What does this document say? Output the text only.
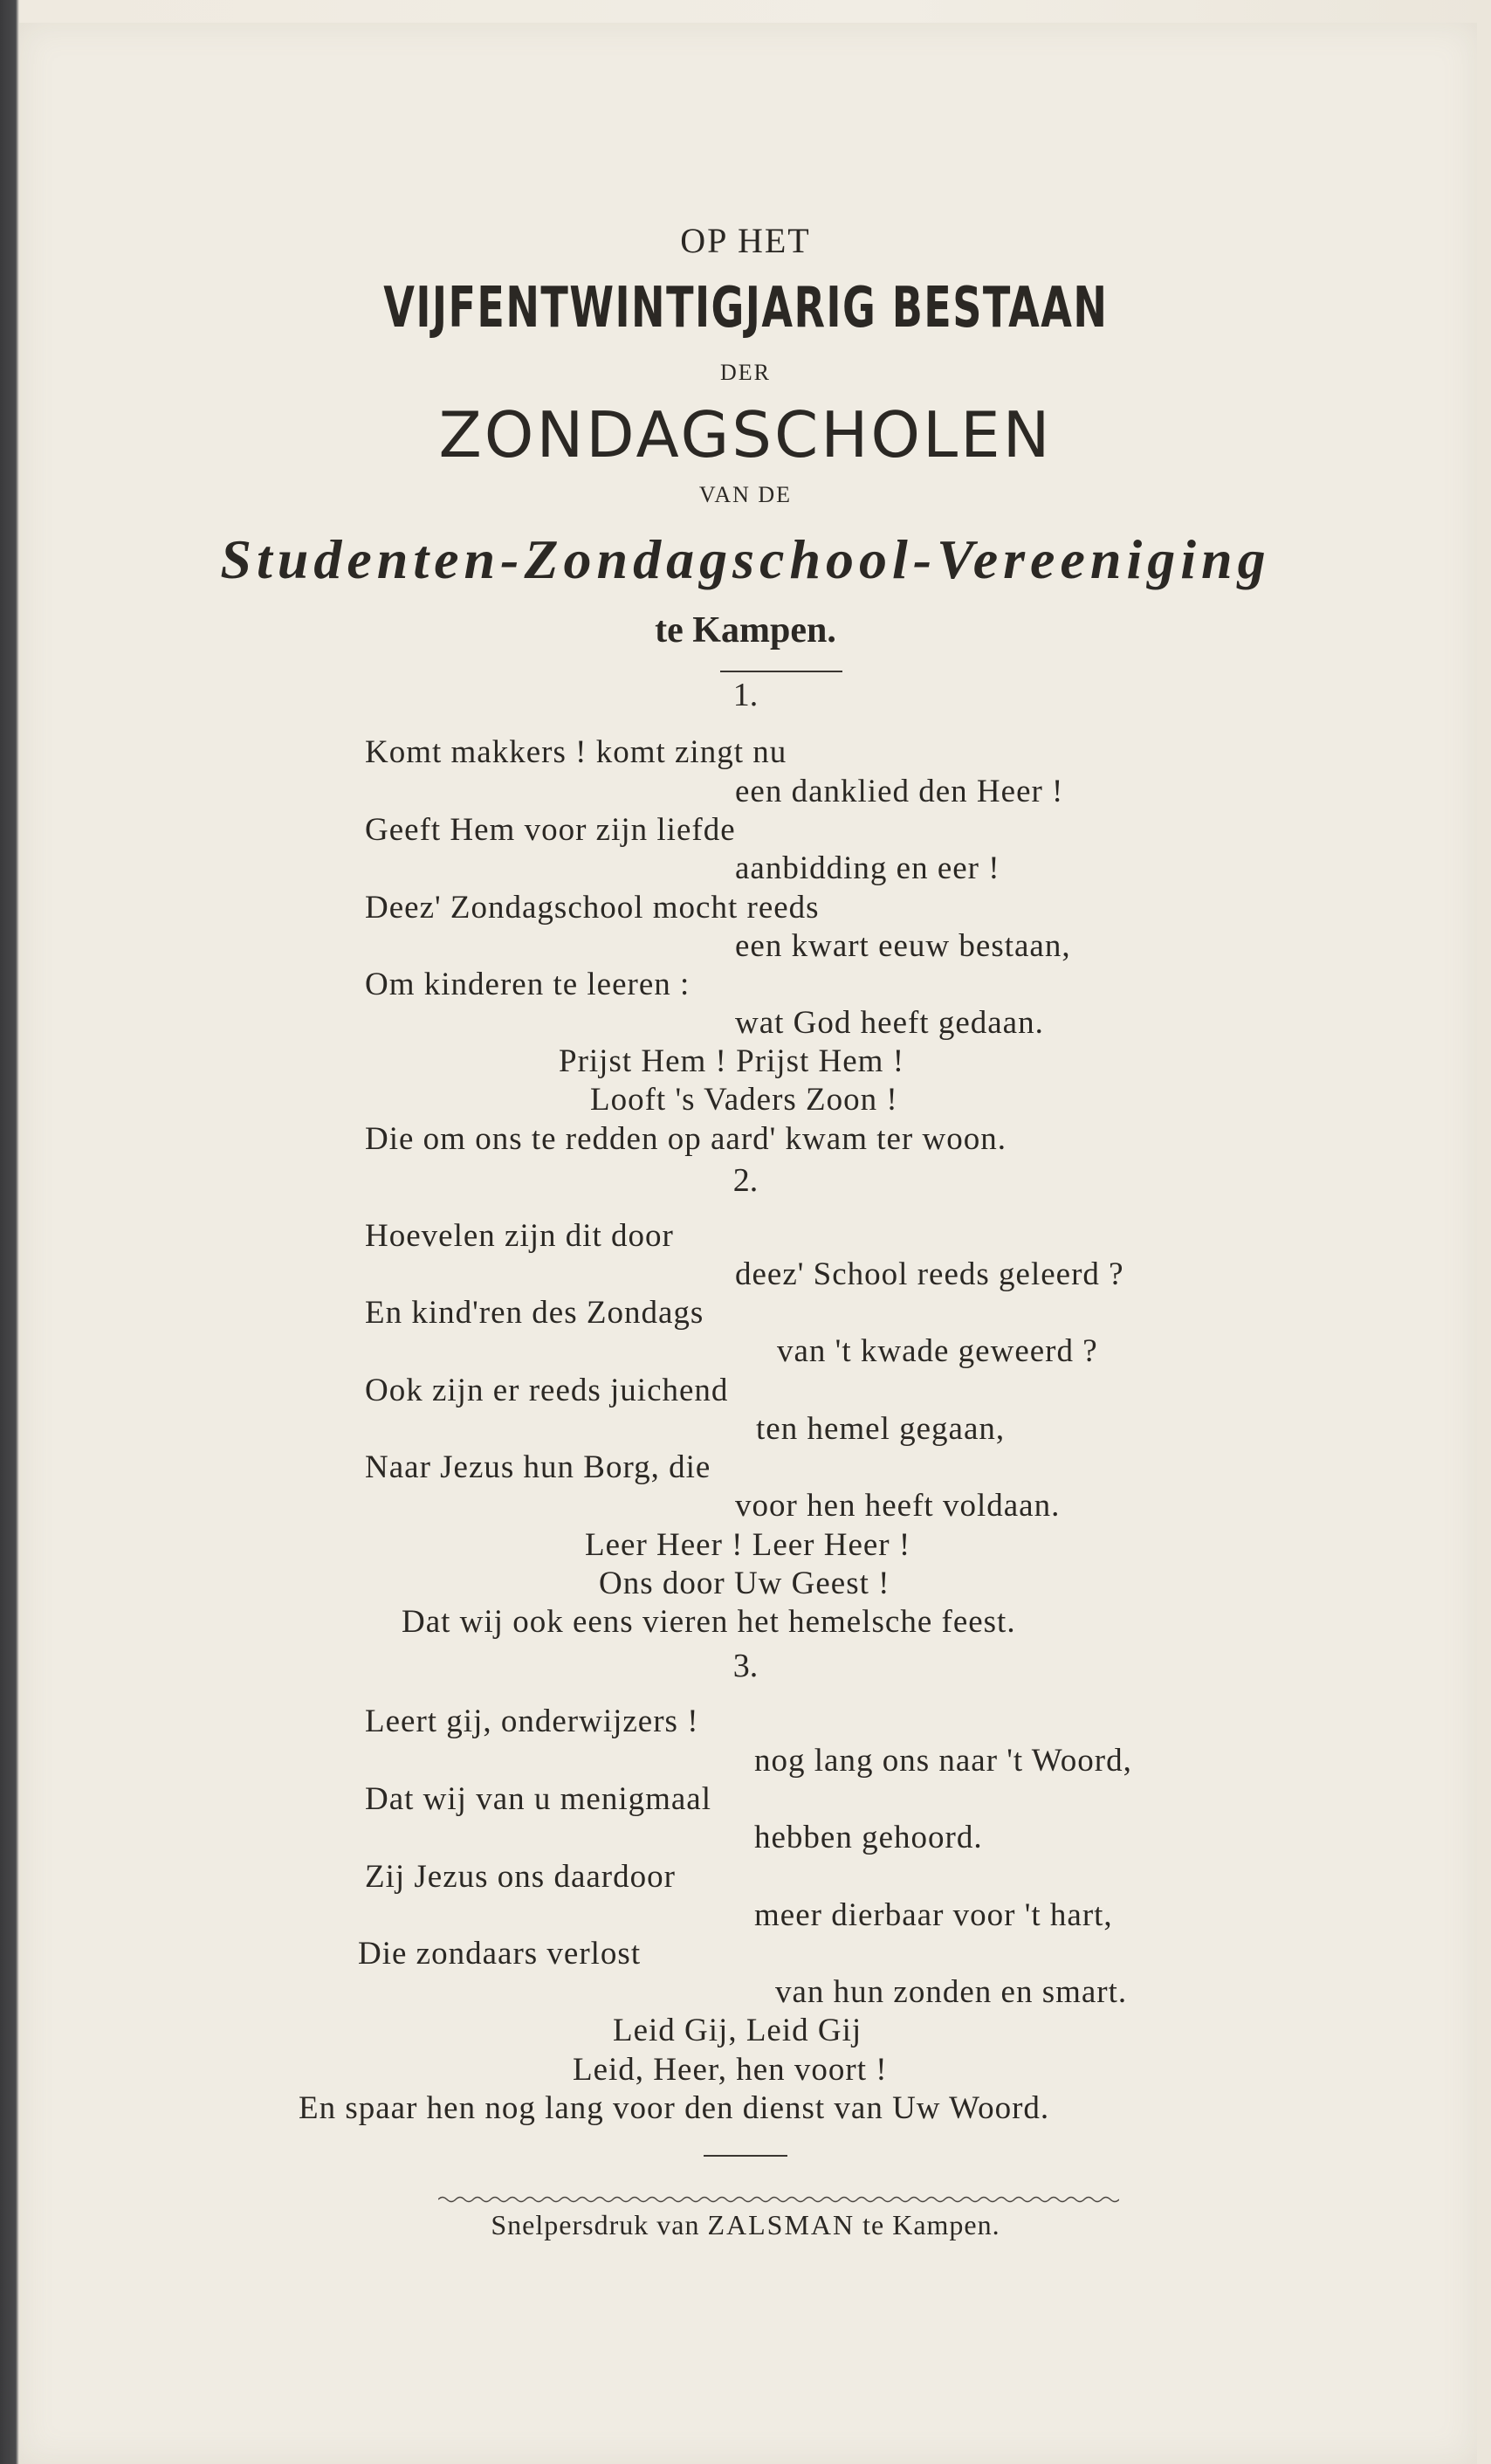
OP HET
VIJFENTWINTIGJARIG BESTAAN
DER
ZONDAGSCHOLEN
VAN DE
Studenten-Zondagschool-Vereeniging
te Kampen.
1.
Komt makkers ! komt zingt nu
een danklied den Heer !
Geeft Hem voor zijn liefde
aanbidding en eer !
Deez' Zondagschool mocht reeds
een kwart eeuw bestaan,
Om kinderen te leeren :
wat God heeft gedaan.
Prijst Hem ! Prijst Hem !
Looft 's Vaders Zoon !
Die om ons te redden op aard' kwam ter woon.
2.
Hoevelen zijn dit door
deez' School reeds geleerd ?
En kind'ren des Zondags
van 't kwade geweerd ?
Ook zijn er reeds juichend
ten hemel gegaan,
Naar Jezus hun Borg, die
voor hen heeft voldaan.
Leer Heer ! Leer Heer !
Ons door Uw Geest !
Dat wij ook eens vieren het hemelsche feest.
3.
Leert gij, onderwijzers !
nog lang ons naar 't Woord,
Dat wij van u menigmaal
hebben gehoord.
Zij Jezus ons daardoor
meer dierbaar voor 't hart,
Die zondaars verlost
van hun zonden en smart.
Leid Gij, Leid Gij
Leid, Heer, hen voort !
En spaar hen nog lang voor den dienst van Uw Woord.
Snelpersdruk van ZALSMAN te Kampen.
